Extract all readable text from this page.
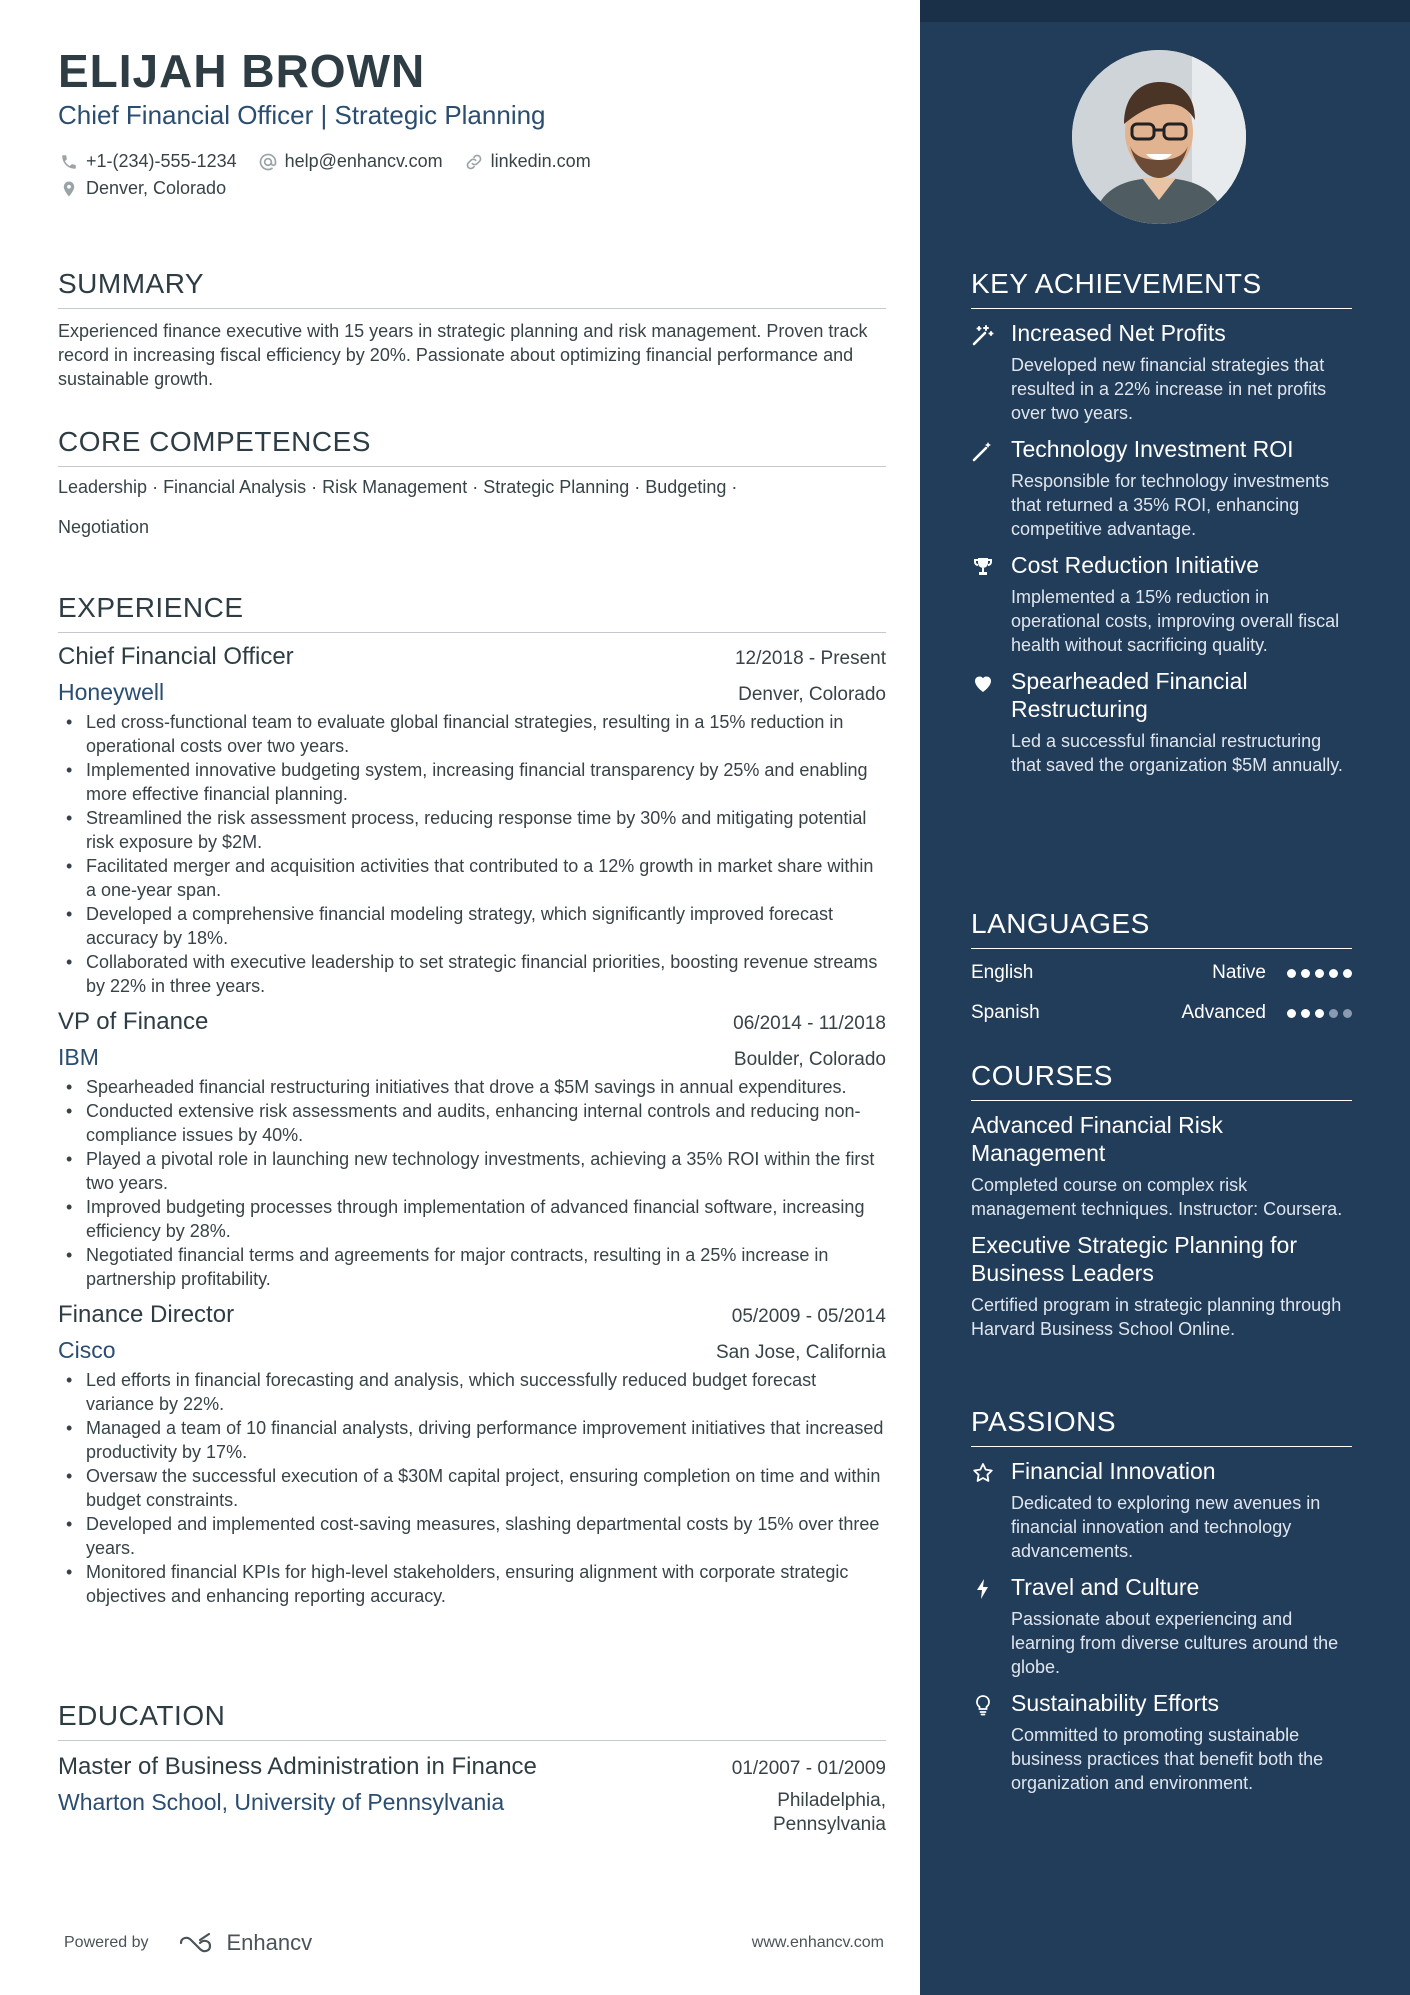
ELIJAH BROWN
Chief Financial Officer | Strategic Planning
+1-(234)-555-1234	help@enhancv.com	linkedin.com
Denver, Colorado
SUMMARY
Experienced finance executive with 15 years in strategic planning and risk management. Proven track record in increasing fiscal efficiency by 20%. Passionate about optimizing financial performance and sustainable growth.
CORE COMPETENCES
Leadership · Financial Analysis · Risk Management · Strategic Planning · Budgeting ·
Negotiation
EXPERIENCE
Chief Financial Officer	12/2018 - Present
Honeywell	Denver, Colorado
• Led cross-functional team to evaluate global financial strategies, resulting in a 15% reduction in operational costs over two years.
• Implemented innovative budgeting system, increasing financial transparency by 25% and enabling more effective financial planning.
• Streamlined the risk assessment process, reducing response time by 30% and mitigating potential risk exposure by $2M.
• Facilitated merger and acquisition activities that contributed to a 12% growth in market share within a one-year span.
• Developed a comprehensive financial modeling strategy, which significantly improved forecast accuracy by 18%.
• Collaborated with executive leadership to set strategic financial priorities, boosting revenue streams by 22% in three years.
VP of Finance	06/2014 - 11/2018
IBM	Boulder, Colorado
• Spearheaded financial restructuring initiatives that drove a $5M savings in annual expenditures.
• Conducted extensive risk assessments and audits, enhancing internal controls and reducing non-compliance issues by 40%.
• Played a pivotal role in launching new technology investments, achieving a 35% ROI within the first two years.
• Improved budgeting processes through implementation of advanced financial software, increasing efficiency by 28%.
• Negotiated financial terms and agreements for major contracts, resulting in a 25% increase in partnership profitability.
Finance Director	05/2009 - 05/2014
Cisco	San Jose, California
• Led efforts in financial forecasting and analysis, which successfully reduced budget forecast variance by 22%.
• Managed a team of 10 financial analysts, driving performance improvement initiatives that increased productivity by 17%.
• Oversaw the successful execution of a $30M capital project, ensuring completion on time and within budget constraints.
• Developed and implemented cost-saving measures, slashing departmental costs by 15% over three years.
• Monitored financial KPIs for high-level stakeholders, ensuring alignment with corporate strategic objectives and enhancing reporting accuracy.
EDUCATION
Master of Business Administration in Finance	01/2007 - 01/2009
Wharton School, University of Pennsylvania	Philadelphia,
Pennsylvania
Powered by	Enhancv	www.enhancv.com
KEY ACHIEVEMENTS
Increased Net Profits
Developed new financial strategies that resulted in a 22% increase in net profits over two years.
Technology Investment ROI
Responsible for technology investments that returned a 35% ROI, enhancing competitive advantage.
Cost Reduction Initiative
Implemented a 15% reduction in operational costs, improving overall fiscal health without sacrificing quality.
Spearheaded Financial Restructuring
Led a successful financial restructuring that saved the organization $5M annually.
LANGUAGES
English	Native
Spanish	Advanced
COURSES
Advanced Financial Risk Management
Completed course on complex risk management techniques. Instructor: Coursera.
Executive Strategic Planning for Business Leaders
Certified program in strategic planning through Harvard Business School Online.
PASSIONS
Financial Innovation
Dedicated to exploring new avenues in financial innovation and technology advancements.
Travel and Culture
Passionate about experiencing and learning from diverse cultures around the globe.
Sustainability Efforts
Committed to promoting sustainable business practices that benefit both the organization and environment.
